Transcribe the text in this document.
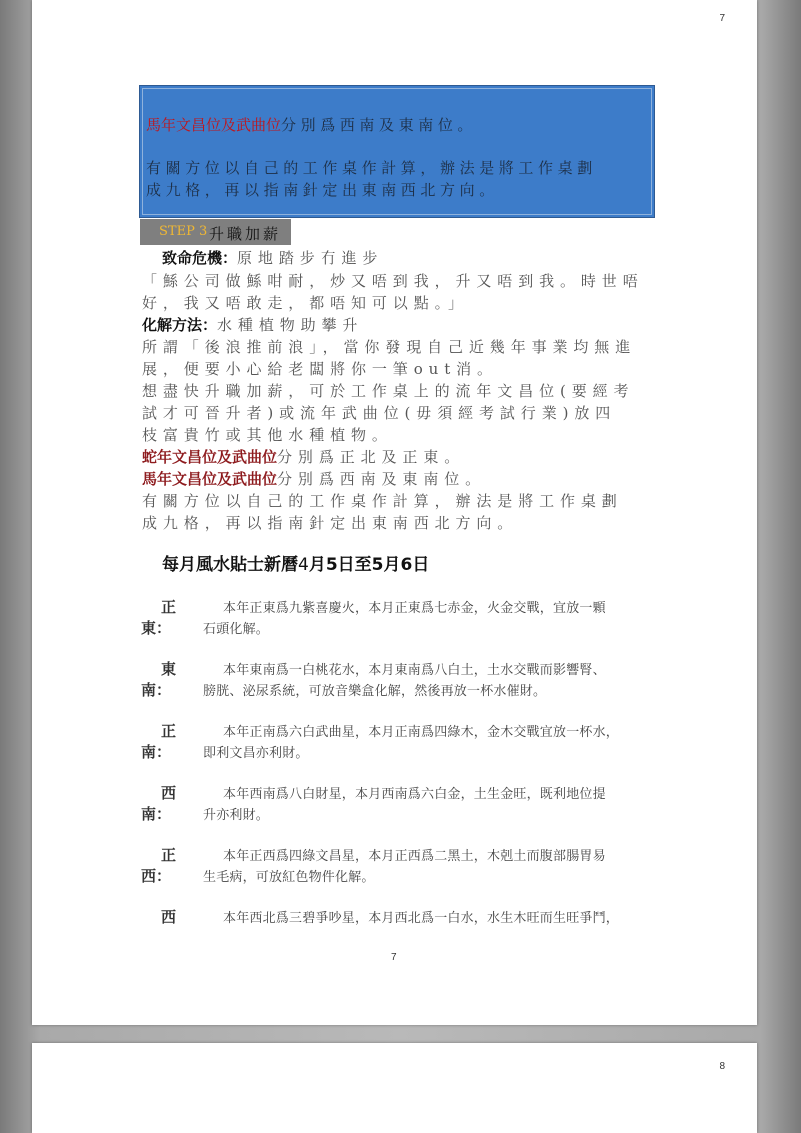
7
馬年文昌位及武曲位分別爲西南及東南位。
有關方位以自己的工作桌作計算，辦法是將工作桌劃
成九格，再以指南針定出東南西北方向。
STEP 3 升職加薪
致命危機：原地踏步冇進步
「鯀公司做鯀咁耐，炒又唔到我，升又唔到我。時世唔
好，我又唔敢走，都唔知可以點。」
化解方法：水種植物助攀升
所謂「後浪推前浪」，當你發現自己近幾年事業均無進
展，便要小心給老闆將你一筆out消。
想盡快升職加薪，可於工作桌上的流年文昌位(要經考
試才可晉升者)或流年武曲位(毋須經考試行業)放四
枝富貴竹或其他水種植物。
蛇年文昌位及武曲位分別爲正北及正東。
馬年文昌位及武曲位分別爲西南及東南位。
有關方位以自己的工作桌作計算，辦法是將工作桌劃
成九格，再以指南針定出東南西北方向。
每月風水貼士新曆4月5日至5月6日
正
東：
本年正東爲九紫喜慶火，本月正東爲七赤金，火金交戰，宜放一顆
石頭化解。
東
南：
本年東南爲一白桃花水，本月東南爲八白土，土水交戰而影響腎、
膀胱、泌尿系統，可放音樂盒化解，然後再放一杯水催財。
正
南：
本年正南爲六白武曲星，本月正南爲四綠木，金木交戰宜放一杯水，
即利文昌亦利財。
西
南：
本年西南爲八白財星，本月西南爲六白金，土生金旺，既利地位提
升亦利財。
正
西：
本年正西爲四綠文昌星，本月正西爲二黑土，木剋土而腹部腸胃易
生毛病，可放紅色物件化解。
西	本年西北爲三碧爭吵星，本月西北爲一白水，水生木旺而生旺爭鬥，
7
8
